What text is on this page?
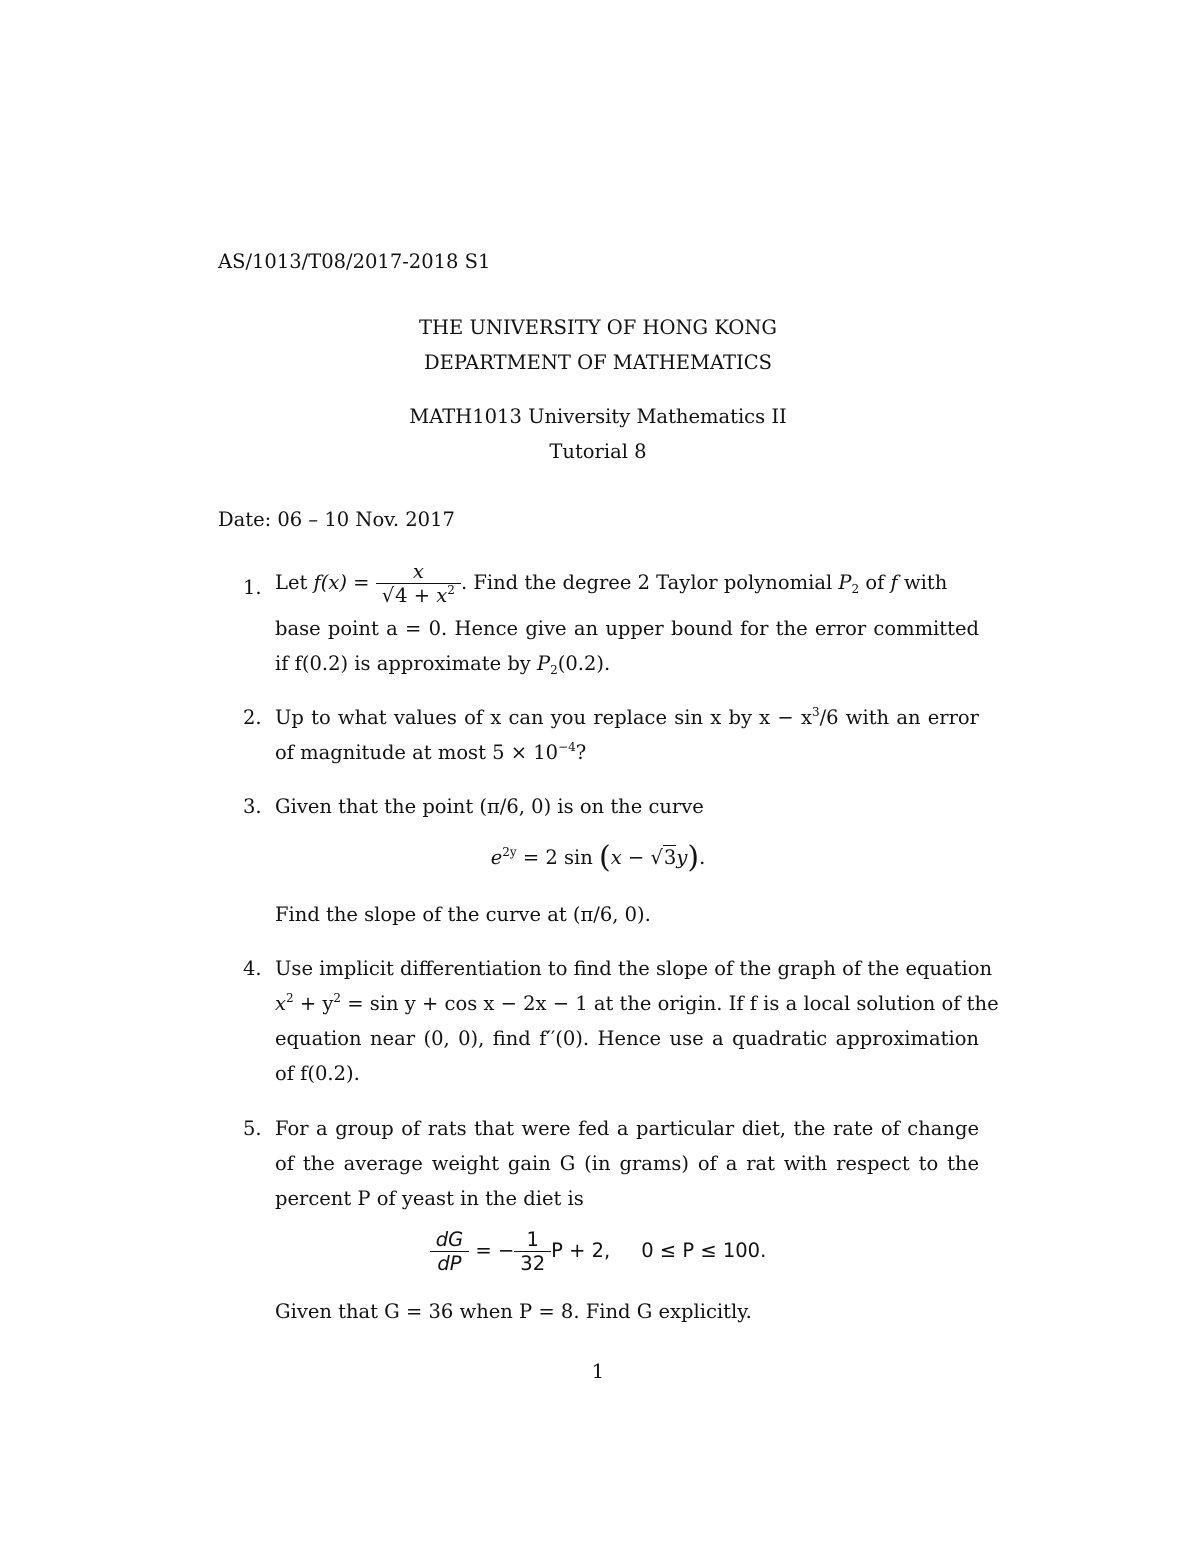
AS/1013/T08/2017-2018 S1
THE UNIVERSITY OF HONG KONG
DEPARTMENT OF MATHEMATICS
MATH1013 University Mathematics II
Tutorial 8
Date: 06 – 10 Nov. 2017
1. Let $f(x) = \frac{x}{√4 + x^2}$ . Find the degree 2 Taylor polynomial $P_2$ of f with
base point a = 0. Hence give an upper bound for the error committed
if f(0.2) is approximate by $P_2(0.2)$.
2. Up to what values of x can you replace sin x by $x - x^3/6$ with an error
of magnitude at most $5 \times 10^{-4}$?
3. Given that the point (π/6, 0) is on the curve
$e^{2y} = 2$ sin (x − √3y).
Find the slope of the curve at (π/6, 0).
4. Use implicit differentiation to find the slope of the graph of the equation
$x^2 + y^2 = \sin y + \cos x - 2x - 1$ at the origin. If f is a local solution of the
equation near (0, 0), find f′′(0). Hence use a quadratic approximation
of f(0.2).
5. For a group of rats that were fed a particular diet, the rate of change
of the average weight gain G (in grams) of a rat with respect to the
percent P of yeast in the diet is
$\frac{dG}{dP}$ = − $\frac{1}{32}$ P + 2,     0 ≤ P ≤ 100.
Given that G = 36 when P = 8. Find G explicitly.
1
